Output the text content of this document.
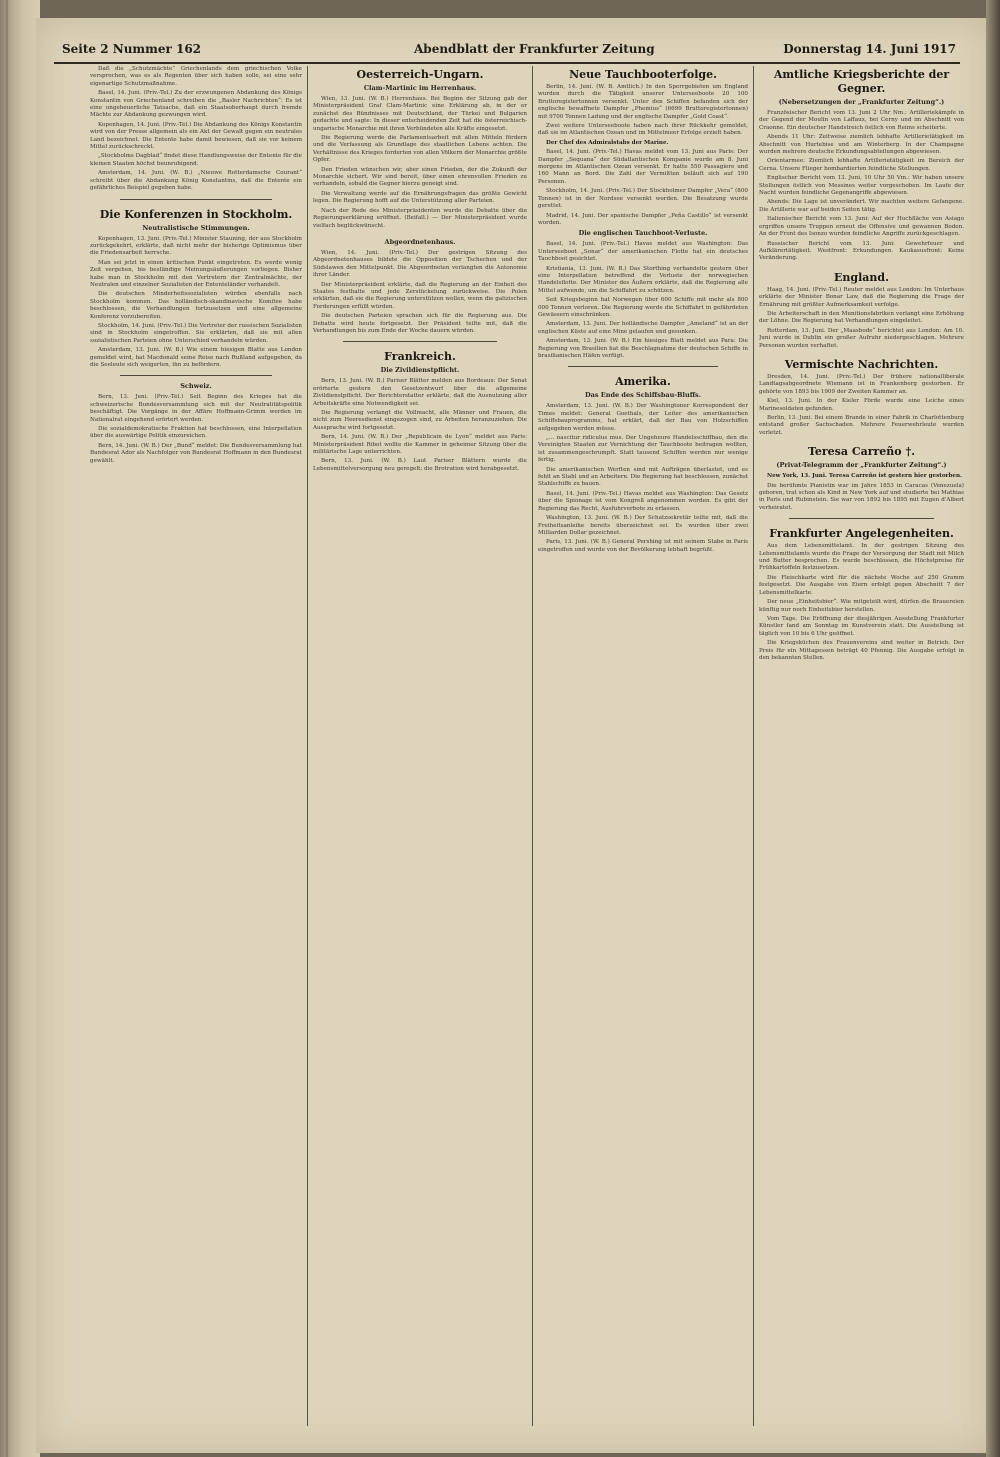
Seite 2 Nummer 162	Abendblatt der Frankfurter Zeitung	Donnerstag 14. Juni 1917

Daß die „Schutzmächte“ Griechenlands dem griechischen Volke versprochen, was es als Regenten über sich haben solle, sei eine sehr eigenartige Schutzmaßnahme.

Basel, 14. Juni. (Priv.-Tel.) Zu der erzwungenen Abdankung des Königs Konstantin von Griechenland schreiben die „Basler Nachrichten“: Es ist eine ungeheuerliche Tatsache, daß ein Staatsoberhaupt durch fremde Mächte zur Abdankung gezwungen wird.

Kopenhagen, 14. Juni. (Priv.-Tel.) Die Abdankung des Königs Konstantin wird von der Presse allgemein als ein Akt der Gewalt gegen ein neutrales Land bezeichnet. Die Entente habe damit bewiesen, daß sie vor keinem Mittel zurückschreckt.

„Stockholms Dagblad“ findet diese Handlungsweise der Entente für die kleinen Staaten höchst beunruhigend.

Amsterdam, 14. Juni. (W. B.) „Nieuwe Rotterdamsche Courant“ schreibt über die Abdankung König Konstantins, daß die Entente ein gefährliches Beispiel gegeben habe.

Die Konferenzen in Stockholm.
Neutralistische Stimmungen.

Kopenhagen, 13. Juni. (Priv.-Tel.) Minister Stauning, der aus Stockholm zurückgekehrt, erklärte, daß nicht mehr der bisherige Optimismus über die Friedensarbeit herrsche.

Man sei jetzt in einen kritischen Punkt eingetreten. Es werde wenig Zeit vergehen, bis beständige Meinungsäußerungen vorliegen. Bisher habe man in Stockholm mit den Vertretern der Zentralmächte, der Neutralen und einzelner Sozialisten der Ententeländer verhandelt.

Die deutschen Minderheitssozialisten würden ebenfalls nach Stockholm kommen. Das holländisch-skandinavische Komitee habe beschlossen, die Verhandlungen fortzusetzen und eine allgemeine Konferenz vorzubereiten.

Stockholm, 14. Juni. (Priv.-Tel.) Die Vertreter der russischen Sozialisten sind in Stockholm eingetroffen. Sie erklärten, daß sie mit allen sozialistischen Parteien ohne Unterschied verhandeln würden.

Amsterdam, 13. Juni. (W. B.) Wie einem hiesigen Blatte aus London gemeldet wird, hat Macdonald seine Reise nach Rußland aufgegeben, da die Seeleute sich weigerten, ihn zu befördern.

Schweiz.

Bern, 13. Juni. (Priv.-Tel.) Seit Beginn des Krieges hat die schweizerische Bundesversammlung sich mit der Neutralitätspolitik beschäftigt. Die Vorgänge in der Affäre Hoffmann-Grimm werden im Nationalrat eingehend erörtert werden.

Die sozialdemokratische Fraktion hat beschlossen, eine Interpellation über die auswärtige Politik einzureichen.

Bern, 14. Juni. (W. B.) Der „Bund“ meldet: Die Bundesversammlung hat Bundesrat Ador als Nachfolger von Bundesrat Hoffmann in den Bundesrat gewählt.

Oesterreich-Ungarn.
Clam-Martinic im Herrenhaus.

Wien, 13. Juni. (W. B.) Herrenhaus. Bei Beginn der Sitzung gab der Ministerpräsident Graf Clam-Martinic eine Erklärung ab, in der er zunächst des Bündnisses mit Deutschland, der Türkei und Bulgarien gedachte und sagte: In dieser entscheidenden Zeit hat die österreichisch-ungarische Monarchie mit ihren Verbündeten alle Kräfte eingesetzt.

Die Regierung werde die Parlamentsarbeit mit allen Mitteln fördern und die Verfassung als Grundlage des staatlichen Lebens achten. Die Verhältnisse des Krieges forderten von allen Völkern der Monarchie größte Opfer.

Den Frieden wünschen wir, aber einen Frieden, der die Zukunft der Monarchie sichert. Wir sind bereit, über einen ehrenvollen Frieden zu verhandeln, sobald die Gegner hierzu geneigt sind.

Die Verwaltung werde auf die Ernährungsfragen das größte Gewicht legen. Die Regierung hofft auf die Unterstützung aller Parteien.

Nach der Rede des Ministerpräsidenten wurde die Debatte über die Regierungserklärung eröffnet. (Beifall.) — Der Ministerpräsident wurde vielfach beglückwünscht.

Abgeordnetenhaus.

Wien, 14. Juni. (Priv.-Tel.) Der gestrigen Sitzung des Abgeordnetenhauses bildete die Opposition der Tschechen und der Südslawen den Mittelpunkt. Die Abgeordneten verlangten die Autonomie ihrer Länder.

Der Ministerpräsident erklärte, daß die Regierung an der Einheit des Staates festhalte und jede Zerstückelung zurückweise. Die Polen erklärten, daß sie die Regierung unterstützen wollen, wenn die galizischen Forderungen erfüllt würden.

Die deutschen Parteien sprachen sich für die Regierung aus. Die Debatte wird heute fortgesetzt. Der Präsident teilte mit, daß die Verhandlungen bis zum Ende der Woche dauern würden.

Frankreich.
Die Zivildienstpflicht.

Bern, 13. Juni. (W. B.) Pariser Blätter melden aus Bordeaux: Der Senat erörterte gestern den Gesetzentwurf über die allgemeine Zivildienstpflicht. Der Berichterstatter erklärte, daß die Ausnutzung aller Arbeitskräfte eine Notwendigkeit sei.

Die Regierung verlangt die Vollmacht, alle Männer und Frauen, die nicht zum Heeresdienst eingezogen sind, zu Arbeiten heranzuziehen. Die Aussprache wird fortgesetzt.

Bern, 14. Juni. (W. B.) Der „Republicain de Lyon“ meldet aus Paris: Ministerpräsident Ribot wollte die Kammer in geheimer Sitzung über die militärische Lage unterrichten.

Bern, 13. Juni. (W. B.) Laut Pariser Blättern wurde die Lebensmittelversorgung neu geregelt; die Brotration wird herabgesetzt.

Neue Tauchbooterfolge.

Berlin, 14. Juni. (W. B. Amtlich.) In den Sperrgebieten um England wurden durch die Tätigkeit unserer Unterseeboote 20 100 Bruttoregistertonnen versenkt. Unter den Schiffen befanden sich der englische bewaffnete Dampfer „Phemius“ (6699 Bruttoregistertonnen) mit 9700 Tonnen Ladung und der englische Dampfer „Gold Coast“.

Zwei weitere Unterseeboote haben nach ihrer Rückkehr gemeldet, daß sie im Atlantischen Ozean und im Mittelmeer Erfolge erzielt haben.

Der Chef des Admiralstabs der Marine.

Basel, 14. Juni. (Priv.-Tel.) Havas meldet vom 13. Juni aus Paris: Der Dampfer „Sequana“ der Südatlantischen Kompanie wurde am 8. Juni morgens im Atlantischen Ozean versenkt. Er hatte 550 Passagiere und 160 Mann an Bord. Die Zahl der Vermißten beläuft sich auf 190 Personen.

Stockholm, 14. Juni. (Priv.-Tel.) Der Stockholmer Dampfer „Vera“ (800 Tonnen) ist in der Nordsee versenkt worden. Die Besatzung wurde gerettet.

Madrid, 14. Juni. Der spanische Dampfer „Peña Castillo“ ist versenkt worden.

Die englischen Tauchboot-Verluste.

Basel, 14. Juni. (Priv.-Tel.) Havas meldet aus Washington: Das Unterseeboot „Sonar“ der amerikanischen Flotte hat ein deutsches Tauchboot gesichtet.

Kristiania, 13. Juni. (W. B.) Das Storthing verhandelte gestern über eine Interpellation betreffend die Verluste der norwegischen Handelsflotte. Der Minister des Äußern erklärte, daß die Regierung alle Mittel aufwende, um die Schiffahrt zu schützen.

Seit Kriegsbeginn hat Norwegen über 600 Schiffe mit mehr als 800 000 Tonnen verloren. Die Regierung werde die Schiffahrt in gefährdeten Gewässern einschränken.

Amsterdam, 13. Juni. Der holländische Dampfer „Ameland“ ist an der englischen Küste auf eine Mine gelaufen und gesunken.

Amsterdam, 13. Juni. (W. B.) Ein hiesiges Blatt meldet aus Para: Die Regierung von Brasilien hat die Beschlagnahme der deutschen Schiffe in brasilianischen Häfen verfügt.

Amerika.
Das Ende des Schiffsbau-Bluffs.

Amsterdam, 13. Juni. (W. B.) Der Washingtoner Korrespondent der Times meldet: General Goethals, der Leiter des amerikanischen Schiffsbauprogramms, hat erklärt, daß der Bau von Holzschiffen aufgegeben werden müsse.

„... nascitur ridiculus mus. Der Ungeheure Handelsschiffbau, den die Vereinigten Staaten zur Vernichtung der Tauchboote beitragen wollten, ist zusammengeschrumpft. Statt tausend Schiffen werden nur wenige fertig.

Die amerikanischen Werften sind mit Aufträgen überlastet, und es fehlt an Stahl und an Arbeitern. Die Regierung hat beschlossen, zunächst Stahlschiffe zu bauen.

Basel, 14. Juni. (Priv.-Tel.) Havas meldet aus Washington: Das Gesetz über die Spionage ist vom Kongreß angenommen worden. Es gibt der Regierung das Recht, Ausfuhrverbote zu erlassen.

Washington, 13. Juni. (W. B.) Der Schatzsekretär teilte mit, daß die Freiheitsanleihe bereits überzeichnet sei. Es wurden über zwei Milliarden Dollar gezeichnet.

Paris, 13. Juni. (W. B.) General Pershing ist mit seinem Stabe in Paris eingetroffen und wurde von der Bevölkerung lebhaft begrüßt.

Amtliche Kriegsberichte der Gegner.
(Nebersetzungen der „Frankfurter Zeitung“.)

Französischer Bericht vom 13. Juni 2 Uhr Nm.: Artilleriekämpfe in der Gegend der Moulin von Laffaux, bei Cerny und im Abschnitt von Craonne. Ein deutscher Handstreich östlich von Reims scheiterte.

Abends 11 Uhr: Zeitweise ziemlich lebhafte Artillerietätigkeit im Abschnitt von Hurtebise und am Winterberg. In der Champagne wurden mehrere deutsche Erkundungsabteilungen abgewiesen.

Orientarmee: Ziemlich lebhafte Artillerietätigkeit im Bereich der Cerna. Unsere Flieger bombardierten feindliche Stellungen.

Englischer Bericht vom 13. Juni, 10 Uhr 50 Vm.: Wir haben unsere Stellungen östlich von Messines weiter vorgeschoben. Im Laufe der Nacht wurden feindliche Gegenangriffe abgewiesen.

Abends: Die Lage ist unverändert. Wir machten weitere Gefangene. Die Artillerie war auf beiden Seiten tätig.

Italienischer Bericht vom 13. Juni: Auf der Hochfläche von Asiago ergriffen unsere Truppen erneut die Offensive und gewannen Boden. An der Front des Isonzo wurden feindliche Angriffe zurückgeschlagen.

Russischer Bericht vom 13. Juni: Gewehrfeuer und Aufklärertätigkeit. Westfront: Erkundungen. Kaukasusfront: Keine Veränderung.

England.

Haag, 14. Juni. (Priv.-Tel.) Reuter meldet aus London: Im Unterhaus erklärte der Minister Bonar Law, daß die Regierung die Frage der Ernährung mit größter Aufmerksamkeit verfolge.

Die Arbeiterschaft in den Munitionsfabriken verlangt eine Erhöhung der Löhne. Die Regierung hat Verhandlungen eingeleitet.

Rotterdam, 13. Juni. Der „Maasbode“ berichtet aus London: Am 10. Juni wurde in Dublin ein großer Aufruhr niedergeschlagen. Mehrere Personen wurden verhaftet.

Vermischte Nachrichten.

Dresden, 14. Juni. (Priv.-Tel.) Der frühere nationalliberale Landtagsabgeordnete Wiemann ist in Frankenberg gestorben. Er gehörte von 1893 bis 1909 der Zweiten Kammer an.

Kiel, 13. Juni. In der Kieler Förde wurde eine Leiche eines Marinesoldaten gefunden.

Berlin, 13. Juni. Bei einem Brande in einer Fabrik in Charlottenburg entstand großer Sachschaden. Mehrere Feuerwehrleute wurden verletzt.

Teresa Carreño †.
(Privat-Telegramm der „Frankfurter Zeitung“.)

New York, 13. Juni. Teresa Carreño ist gestern hier gestorben.

Die berühmte Pianistin war im Jahre 1853 in Caracas (Venezuela) geboren, trat schon als Kind in New York auf und studierte bei Mathias in Paris und Rubinstein. Sie war von 1892 bis 1895 mit Eugen d'Albert verheiratet.

Frankfurter Angelegenheiten.

Aus dem Lebensmittelamt. In der gestrigen Sitzung des Lebensmittelamts wurde die Frage der Versorgung der Stadt mit Milch und Butter besprochen. Es wurde beschlossen, die Höchstpreise für Frühkartoffeln festzusetzen.

Die Fleischkarte wird für die nächste Woche auf 250 Gramm festgesetzt. Die Ausgabe von Eiern erfolgt gegen Abschnitt 7 der Lebensmittelkarte.

Der neue „Einheitsbier“. Wie mitgeteilt wird, dürfen die Brauereien künftig nur noch Einheitsbier herstellen.

Vom Tage. Die Eröffnung der diesjährigen Ausstellung Frankfurter Künstler fand am Sonntag im Kunstverein statt. Die Ausstellung ist täglich von 10 bis 6 Uhr geöffnet.

Die Kriegsküchen des Frauenvereins sind weiter in Betrieb. Der Preis für ein Mittagessen beträgt 40 Pfennig. Die Ausgabe erfolgt in den bekannten Stellen.
